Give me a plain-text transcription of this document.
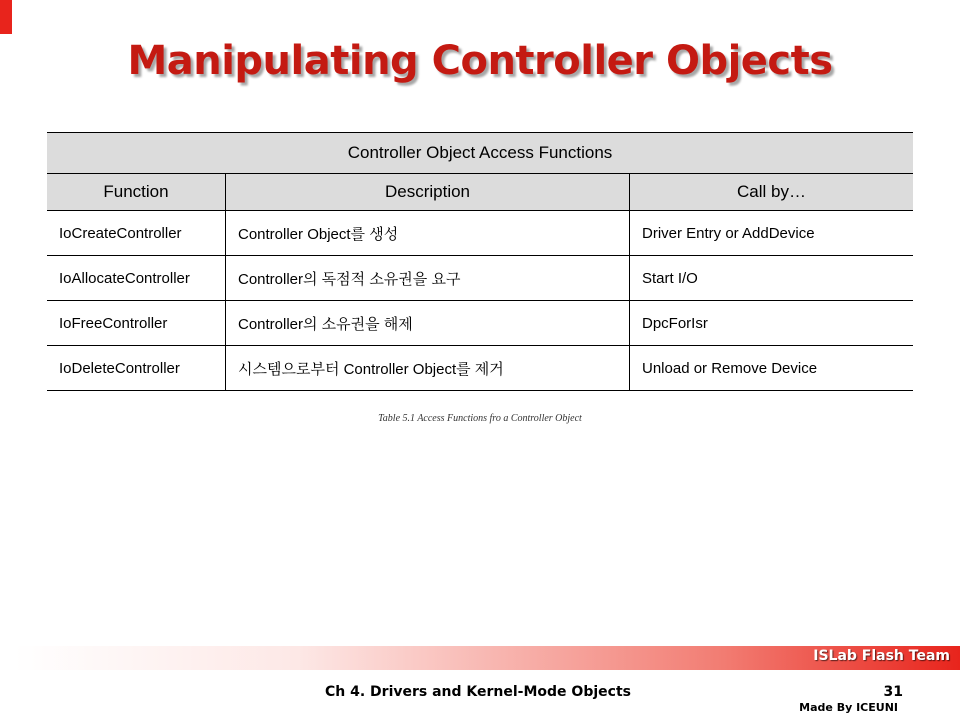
Manipulating Controller Objects
Controller Object Access Functions		
Function	Description	Call by…
IoCreateController	Controller Object를 생성	Driver Entry or AddDevice
IoAllocateController	Controller의 독점적 소유권을 요구	Start I/O
IoFreeController	Controller의 소유권을 해제	DpcForIsr
IoDeleteController	시스템으로부터 Controller Object를 제거	Unload or Remove Device
Table 5.1 Access Functions fro a Controller Object
ISLab Flash Team
Ch 4. Drivers and Kernel-Mode Objects	31
Made By ICEUNI
